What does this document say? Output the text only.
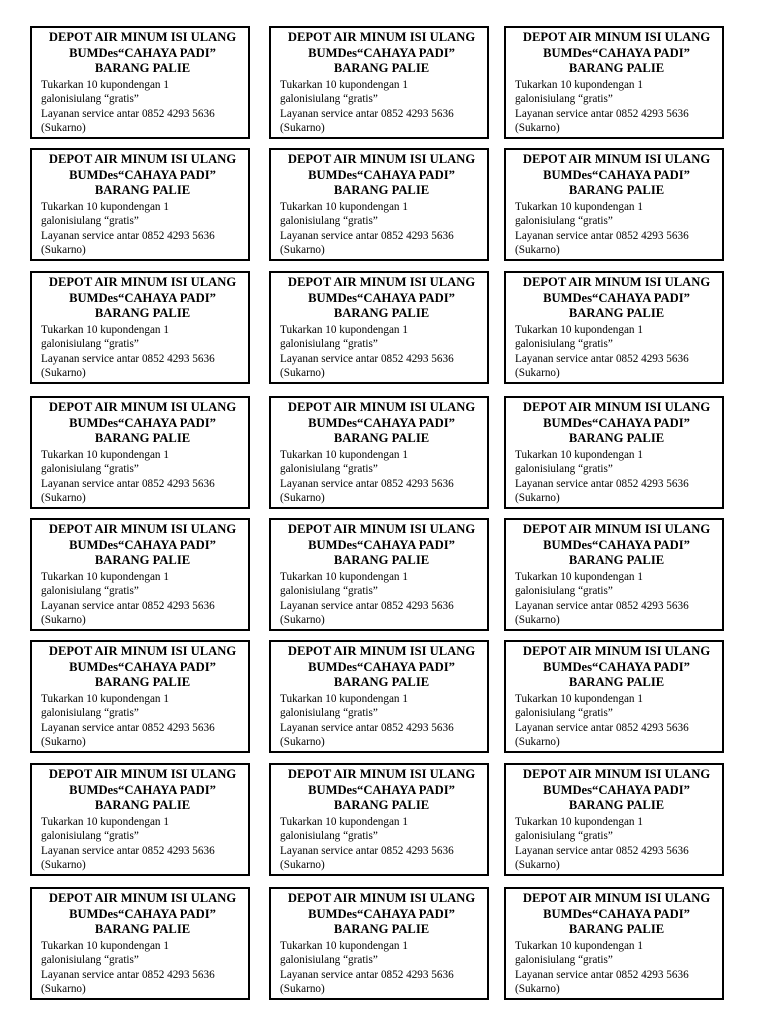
DEPOT AIR MINUM ISI ULANG
BUMDes“CAHAYA PADI”
BARANG PALIE
Tukarkan 10 kupondengan 1
galonisiulang “gratis”
Layanan service antar 0852 4293 5636
(Sukarno)
DEPOT AIR MINUM ISI ULANG
BUMDes“CAHAYA PADI”
BARANG PALIE
Tukarkan 10 kupondengan 1
galonisiulang “gratis”
Layanan service antar 0852 4293 5636
(Sukarno)
DEPOT AIR MINUM ISI ULANG
BUMDes“CAHAYA PADI”
BARANG PALIE
Tukarkan 10 kupondengan 1
galonisiulang “gratis”
Layanan service antar 0852 4293 5636
(Sukarno)
DEPOT AIR MINUM ISI ULANG
BUMDes“CAHAYA PADI”
BARANG PALIE
Tukarkan 10 kupondengan 1
galonisiulang “gratis”
Layanan service antar 0852 4293 5636
(Sukarno)
DEPOT AIR MINUM ISI ULANG
BUMDes“CAHAYA PADI”
BARANG PALIE
Tukarkan 10 kupondengan 1
galonisiulang “gratis”
Layanan service antar 0852 4293 5636
(Sukarno)
DEPOT AIR MINUM ISI ULANG
BUMDes“CAHAYA PADI”
BARANG PALIE
Tukarkan 10 kupondengan 1
galonisiulang “gratis”
Layanan service antar 0852 4293 5636
(Sukarno)
DEPOT AIR MINUM ISI ULANG
BUMDes“CAHAYA PADI”
BARANG PALIE
Tukarkan 10 kupondengan 1
galonisiulang “gratis”
Layanan service antar 0852 4293 5636
(Sukarno)
DEPOT AIR MINUM ISI ULANG
BUMDes“CAHAYA PADI”
BARANG PALIE
Tukarkan 10 kupondengan 1
galonisiulang “gratis”
Layanan service antar 0852 4293 5636
(Sukarno)
DEPOT AIR MINUM ISI ULANG
BUMDes“CAHAYA PADI”
BARANG PALIE
Tukarkan 10 kupondengan 1
galonisiulang “gratis”
Layanan service antar 0852 4293 5636
(Sukarno)
DEPOT AIR MINUM ISI ULANG
BUMDes“CAHAYA PADI”
BARANG PALIE
Tukarkan 10 kupondengan 1
galonisiulang “gratis”
Layanan service antar 0852 4293 5636
(Sukarno)
DEPOT AIR MINUM ISI ULANG
BUMDes“CAHAYA PADI”
BARANG PALIE
Tukarkan 10 kupondengan 1
galonisiulang “gratis”
Layanan service antar 0852 4293 5636
(Sukarno)
DEPOT AIR MINUM ISI ULANG
BUMDes“CAHAYA PADI”
BARANG PALIE
Tukarkan 10 kupondengan 1
galonisiulang “gratis”
Layanan service antar 0852 4293 5636
(Sukarno)
DEPOT AIR MINUM ISI ULANG
BUMDes“CAHAYA PADI”
BARANG PALIE
Tukarkan 10 kupondengan 1
galonisiulang “gratis”
Layanan service antar 0852 4293 5636
(Sukarno)
DEPOT AIR MINUM ISI ULANG
BUMDes“CAHAYA PADI”
BARANG PALIE
Tukarkan 10 kupondengan 1
galonisiulang “gratis”
Layanan service antar 0852 4293 5636
(Sukarno)
DEPOT AIR MINUM ISI ULANG
BUMDes“CAHAYA PADI”
BARANG PALIE
Tukarkan 10 kupondengan 1
galonisiulang “gratis”
Layanan service antar 0852 4293 5636
(Sukarno)
DEPOT AIR MINUM ISI ULANG
BUMDes“CAHAYA PADI”
BARANG PALIE
Tukarkan 10 kupondengan 1
galonisiulang “gratis”
Layanan service antar 0852 4293 5636
(Sukarno)
DEPOT AIR MINUM ISI ULANG
BUMDes“CAHAYA PADI”
BARANG PALIE
Tukarkan 10 kupondengan 1
galonisiulang “gratis”
Layanan service antar 0852 4293 5636
(Sukarno)
DEPOT AIR MINUM ISI ULANG
BUMDes“CAHAYA PADI”
BARANG PALIE
Tukarkan 10 kupondengan 1
galonisiulang “gratis”
Layanan service antar 0852 4293 5636
(Sukarno)
DEPOT AIR MINUM ISI ULANG
BUMDes“CAHAYA PADI”
BARANG PALIE
Tukarkan 10 kupondengan 1
galonisiulang “gratis”
Layanan service antar 0852 4293 5636
(Sukarno)
DEPOT AIR MINUM ISI ULANG
BUMDes“CAHAYA PADI”
BARANG PALIE
Tukarkan 10 kupondengan 1
galonisiulang “gratis”
Layanan service antar 0852 4293 5636
(Sukarno)
DEPOT AIR MINUM ISI ULANG
BUMDes“CAHAYA PADI”
BARANG PALIE
Tukarkan 10 kupondengan 1
galonisiulang “gratis”
Layanan service antar 0852 4293 5636
(Sukarno)
DEPOT AIR MINUM ISI ULANG
BUMDes“CAHAYA PADI”
BARANG PALIE
Tukarkan 10 kupondengan 1
galonisiulang “gratis”
Layanan service antar 0852 4293 5636
(Sukarno)
DEPOT AIR MINUM ISI ULANG
BUMDes“CAHAYA PADI”
BARANG PALIE
Tukarkan 10 kupondengan 1
galonisiulang “gratis”
Layanan service antar 0852 4293 5636
(Sukarno)
DEPOT AIR MINUM ISI ULANG
BUMDes“CAHAYA PADI”
BARANG PALIE
Tukarkan 10 kupondengan 1
galonisiulang “gratis”
Layanan service antar 0852 4293 5636
(Sukarno)
